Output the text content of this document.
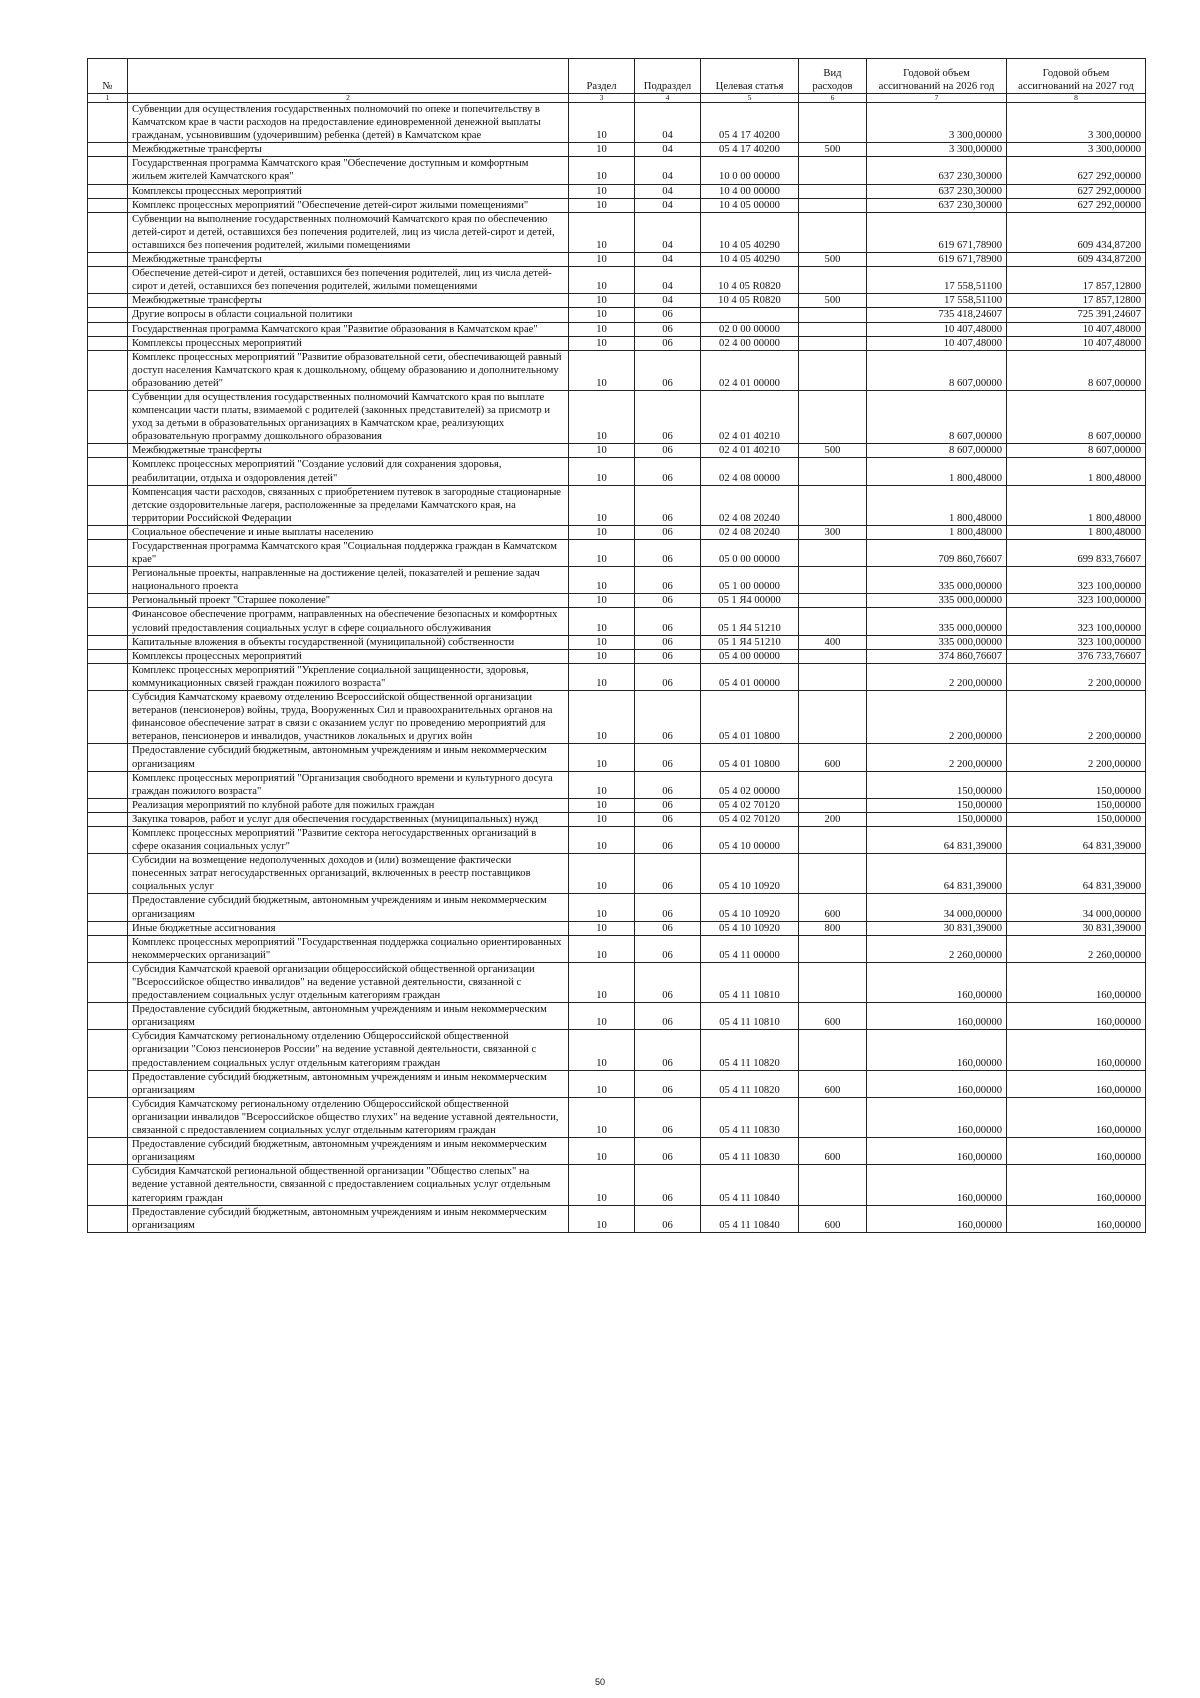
№		Раздел	Подраздел	Целевая статья	Вид расходов	Годовой объем ассигнований на 2026 год	Годовой объем ассигнований на 2027 год
1	2	3	4	5	6	7	8
	Субвенции для осуществления государственных полномочий по опеке и попечительству в Камчатском крае в части расходов на предоставление единовременной денежной выплаты гражданам, усыновившим (удочерившим) ребенка (детей) в Камчатском крае	10	04	05 4 17 40200		3 300,00000	3 300,00000
	Межбюджетные трансферты	10	04	05 4 17 40200	500	3 300,00000	3 300,00000
	Государственная программа Камчатского края "Обеспечение доступным и комфортным жильем жителей Камчатского края"	10	04	10 0 00 00000		637 230,30000	627 292,00000
	Комплексы процессных мероприятий	10	04	10 4 00 00000		637 230,30000	627 292,00000
	Комплекс процессных мероприятий "Обеспечение детей-сирот жилыми помещениями"	10	04	10 4 05 00000		637 230,30000	627 292,00000
	Субвенции на выполнение государственных полномочий Камчатского края по обеспечению детей-сирот и детей, оставшихся без попечения родителей, лиц из числа детей-сирот и детей, оставшихся без попечения родителей, жилыми помещениями	10	04	10 4 05 40290		619 671,78900	609 434,87200
	Межбюджетные трансферты	10	04	10 4 05 40290	500	619 671,78900	609 434,87200
	Обеспечение детей-сирот и детей, оставшихся без попечения родителей, лиц из числа детей-сирот и детей, оставшихся без попечения родителей, жилыми помещениями	10	04	10 4 05 R0820		17 558,51100	17 857,12800
	Межбюджетные трансферты	10	04	10 4 05 R0820	500	17 558,51100	17 857,12800
	Другие вопросы в области социальной политики	10	06			735 418,24607	725 391,24607
	Государственная программа Камчатского края "Развитие образования в Камчатском крае"	10	06	02 0 00 00000		10 407,48000	10 407,48000
	Комплексы процессных мероприятий	10	06	02 4 00 00000		10 407,48000	10 407,48000
	Комплекс процессных мероприятий "Развитие образовательной сети, обеспечивающей равный доступ населения Камчатского края к дошкольному, общему образованию и дополнительному образованию детей"	10	06	02 4 01 00000		8 607,00000	8 607,00000
	Субвенции для осуществления государственных полномочий Камчатского края по выплате компенсации части платы, взимаемой с родителей (законных представителей) за присмотр и уход за детьми в образовательных организациях в Камчатском крае, реализующих образовательную программу дошкольного образования	10	06	02 4 01 40210		8 607,00000	8 607,00000
	Межбюджетные трансферты	10	06	02 4 01 40210	500	8 607,00000	8 607,00000
	Комплекс процессных мероприятий "Создание условий для сохранения здоровья, реабилитации, отдыха и оздоровления детей"	10	06	02 4 08 00000		1 800,48000	1 800,48000
	Компенсация части расходов, связанных с приобретением путевок в загородные стационарные детские оздоровительные лагеря, расположенные за пределами Камчатского края, на территории Российской Федерации	10	06	02 4 08 20240		1 800,48000	1 800,48000
	Социальное обеспечение и иные выплаты населению	10	06	02 4 08 20240	300	1 800,48000	1 800,48000
	Государственная программа Камчатского края "Социальная поддержка граждан в Камчатском крае"	10	06	05 0 00 00000		709 860,76607	699 833,76607
	Региональные проекты, направленные на достижение целей, показателей и решение задач национального проекта	10	06	05 1 00 00000		335 000,00000	323 100,00000
	Региональный проект "Старшее поколение"	10	06	05 1 Я4 00000		335 000,00000	323 100,00000
	Финансовое обеспечение программ, направленных на обеспечение безопасных и комфортных условий предоставления социальных услуг в сфере социального обслуживания	10	06	05 1 Я4 51210		335 000,00000	323 100,00000
	Капитальные вложения в объекты государственной (муниципальной) собственности	10	06	05 1 Я4 51210	400	335 000,00000	323 100,00000
	Комплексы процессных мероприятий	10	06	05 4 00 00000		374 860,76607	376 733,76607
	Комплекс процессных мероприятий "Укрепление социальной защищенности, здоровья, коммуникационных связей граждан пожилого возраста"	10	06	05 4 01 00000		2 200,00000	2 200,00000
	Субсидия Камчатскому краевому отделению Всероссийской общественной организации ветеранов (пенсионеров) войны, труда, Вооруженных Сил и правоохранительных органов на финансовое обеспечение затрат в связи с оказанием услуг по проведению мероприятий для ветеранов, пенсионеров и инвалидов, участников локальных и других войн	10	06	05 4 01 10800		2 200,00000	2 200,00000
	Предоставление субсидий бюджетным, автономным учреждениям и иным некоммерческим организациям	10	06	05 4 01 10800	600	2 200,00000	2 200,00000
	Комплекс процессных мероприятий "Организация свободного времени и культурного досуга граждан пожилого возраста"	10	06	05 4 02 00000		150,00000	150,00000
	Реализация мероприятий по клубной работе для пожилых граждан	10	06	05 4 02 70120		150,00000	150,00000
	Закупка товаров, работ и услуг для обеспечения государственных (муниципальных) нужд	10	06	05 4 02 70120	200	150,00000	150,00000
	Комплекс процессных мероприятий "Развитие сектора негосударственных организаций в сфере оказания социальных услуг"	10	06	05 4 10 00000		64 831,39000	64 831,39000
	Субсидии на возмещение недополученных доходов и (или) возмещение фактически понесенных затрат негосударственных организаций, включенных в реестр поставщиков социальных услуг	10	06	05 4 10 10920		64 831,39000	64 831,39000
	Предоставление субсидий бюджетным, автономным учреждениям и иным некоммерческим организациям	10	06	05 4 10 10920	600	34 000,00000	34 000,00000
	Иные бюджетные ассигнования	10	06	05 4 10 10920	800	30 831,39000	30 831,39000
	Комплекс процессных мероприятий "Государственная поддержка социально ориентированных некоммерческих организаций"	10	06	05 4 11 00000		2 260,00000	2 260,00000
	Субсидия Камчатской краевой организации общероссийской общественной организации "Всероссийское общество инвалидов" на ведение уставной деятельности, связанной с предоставлением социальных услуг отдельным категориям граждан	10	06	05 4 11 10810		160,00000	160,00000
	Предоставление субсидий бюджетным, автономным учреждениям и иным некоммерческим организациям	10	06	05 4 11 10810	600	160,00000	160,00000
	Субсидия Камчатскому региональному отделению Общероссийской общественной организации "Союз пенсионеров России" на ведение уставной деятельности, связанной с предоставлением социальных услуг отдельным категориям граждан	10	06	05 4 11 10820		160,00000	160,00000
	Предоставление субсидий бюджетным, автономным учреждениям и иным некоммерческим организациям	10	06	05 4 11 10820	600	160,00000	160,00000
	Субсидия Камчатскому региональному отделению Общероссийской общественной организации инвалидов "Всероссийское общество глухих" на ведение уставной деятельности, связанной с предоставлением социальных услуг отдельным категориям граждан	10	06	05 4 11 10830		160,00000	160,00000
	Предоставление субсидий бюджетным, автономным учреждениям и иным некоммерческим организациям	10	06	05 4 11 10830	600	160,00000	160,00000
	Субсидия Камчатской региональной общественной организации "Общество слепых" на ведение уставной деятельности, связанной с предоставлением социальных услуг отдельным категориям граждан	10	06	05 4 11 10840		160,00000	160,00000
	Предоставление субсидий бюджетным, автономным учреждениям и иным некоммерческим организациям	10	06	05 4 11 10840	600	160,00000	160,00000
50
